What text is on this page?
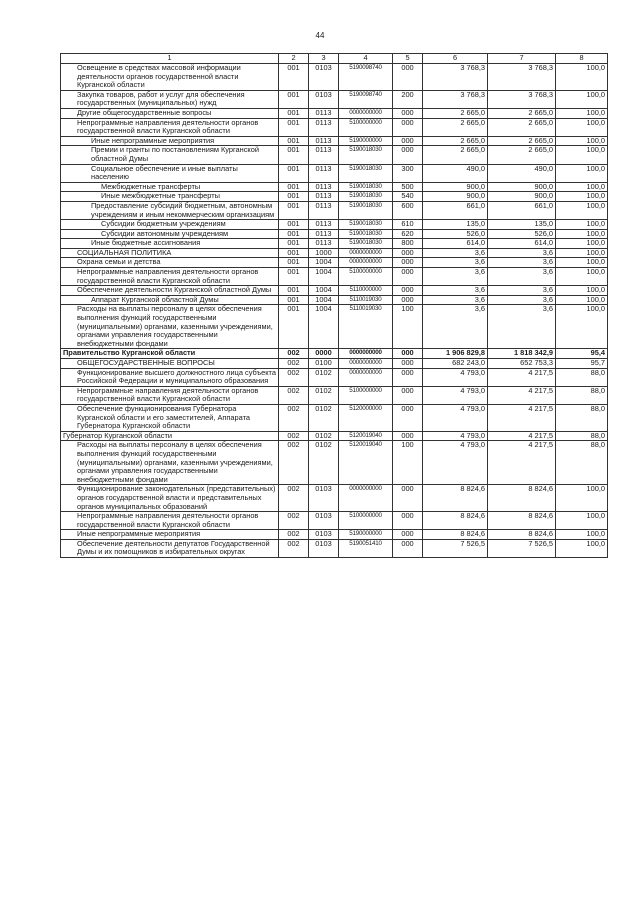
44
1	2	3	4	5	6	7	8
Освещение в средствах массовой информации деятельности органов государственной власти Курганской области	001	0103	5190098740	000	3 768,3	3 768,3	100,0
Закупка товаров, работ и услуг для обеспечения государственных (муниципальных) нужд	001	0103	5190098740	200	3 768,3	3 768,3	100,0
Другие общегосударственные вопросы	001	0113	0000000000	000	2 665,0	2 665,0	100,0
Непрограммные направления деятельности органов государственной власти Курганской области	001	0113	5100000000	000	2 665,0	2 665,0	100,0
Иные непрограммные мероприятия	001	0113	5190000000	000	2 665,0	2 665,0	100,0
Премии и гранты по постановлениям Курганской областной Думы	001	0113	5190018030	000	2 665,0	2 665,0	100,0
Социальное обеспечение и иные выплаты населению	001	0113	5190018030	300	490,0	490,0	100,0
Межбюджетные трансферты	001	0113	5190018030	500	900,0	900,0	100,0
Иные межбюджетные трансферты	001	0113	5190018030	540	900,0	900,0	100,0
Предоставление субсидий бюджетным, автономным учреждениям и иным некоммерческим организациям	001	0113	5190018030	600	661,0	661,0	100,0
Субсидии бюджетным учреждениям	001	0113	5190018030	610	135,0	135,0	100,0
Субсидии автономным учреждениям	001	0113	5190018030	620	526,0	526,0	100,0
Иные бюджетные ассигнования	001	0113	5190018030	800	614,0	614,0	100,0
СОЦИАЛЬНАЯ ПОЛИТИКА	001	1000	0000000000	000	3,6	3,6	100,0
Охрана семьи и детства	001	1004	0000000000	000	3,6	3,6	100,0
Непрограммные направления деятельности органов государственной власти Курганской области	001	1004	5100000000	000	3,6	3,6	100,0
Обеспечение деятельности Курганской областной Думы	001	1004	5110000000	000	3,6	3,6	100,0
Аппарат Курганской областной Думы	001	1004	5110019030	000	3,6	3,6	100,0
Расходы на выплаты персоналу в целях обеспечения выполнения функций государственными (муниципальными) органами, казенными учреждениями, органами управления государственными внебюджетными фондами	001	1004	5110019030	100	3,6	3,6	100,0
Правительство Курганской области	002	0000	0000000000	000	1 906 829,8	1 818 342,9	95,4
ОБЩЕГОСУДАРСТВЕННЫЕ ВОПРОСЫ	002	0100	0000000000	000	682 243,0	652 753,3	95,7
Функционирование высшего должностного лица субъекта Российской Федерации и муниципального образования	002	0102	0000000000	000	4 793,0	4 217,5	88,0
Непрограммные направления деятельности органов государственной власти Курганской области	002	0102	5100000000	000	4 793,0	4 217,5	88,0
Обеспечение функционирования Губернатора Курганской области и его заместителей, Аппарата Губернатора Курганской области	002	0102	5120000000	000	4 793,0	4 217,5	88,0
Губернатор Курганской области	002	0102	5120019040	000	4 793,0	4 217,5	88,0
Расходы на выплаты персоналу в целях обеспечения выполнения функций государственными (муниципальными) органами, казенными учреждениями, органами управления государственными внебюджетными фондами	002	0102	5120019040	100	4 793,0	4 217,5	88,0
Функционирование законодательных (представительных) органов государственной власти и представительных органов муниципальных образований	002	0103	0000000000	000	8 824,6	8 824,6	100,0
Непрограммные направления деятельности органов государственной власти Курганской области	002	0103	5100000000	000	8 824,6	8 824,6	100,0
Иные непрограммные мероприятия	002	0103	5190000000	000	8 824,6	8 824,6	100,0
Обеспечение деятельности депутатов Государственной Думы и их помощников в избирательных округах	002	0103	5190051410	000	7 526,5	7 526,5	100,0
